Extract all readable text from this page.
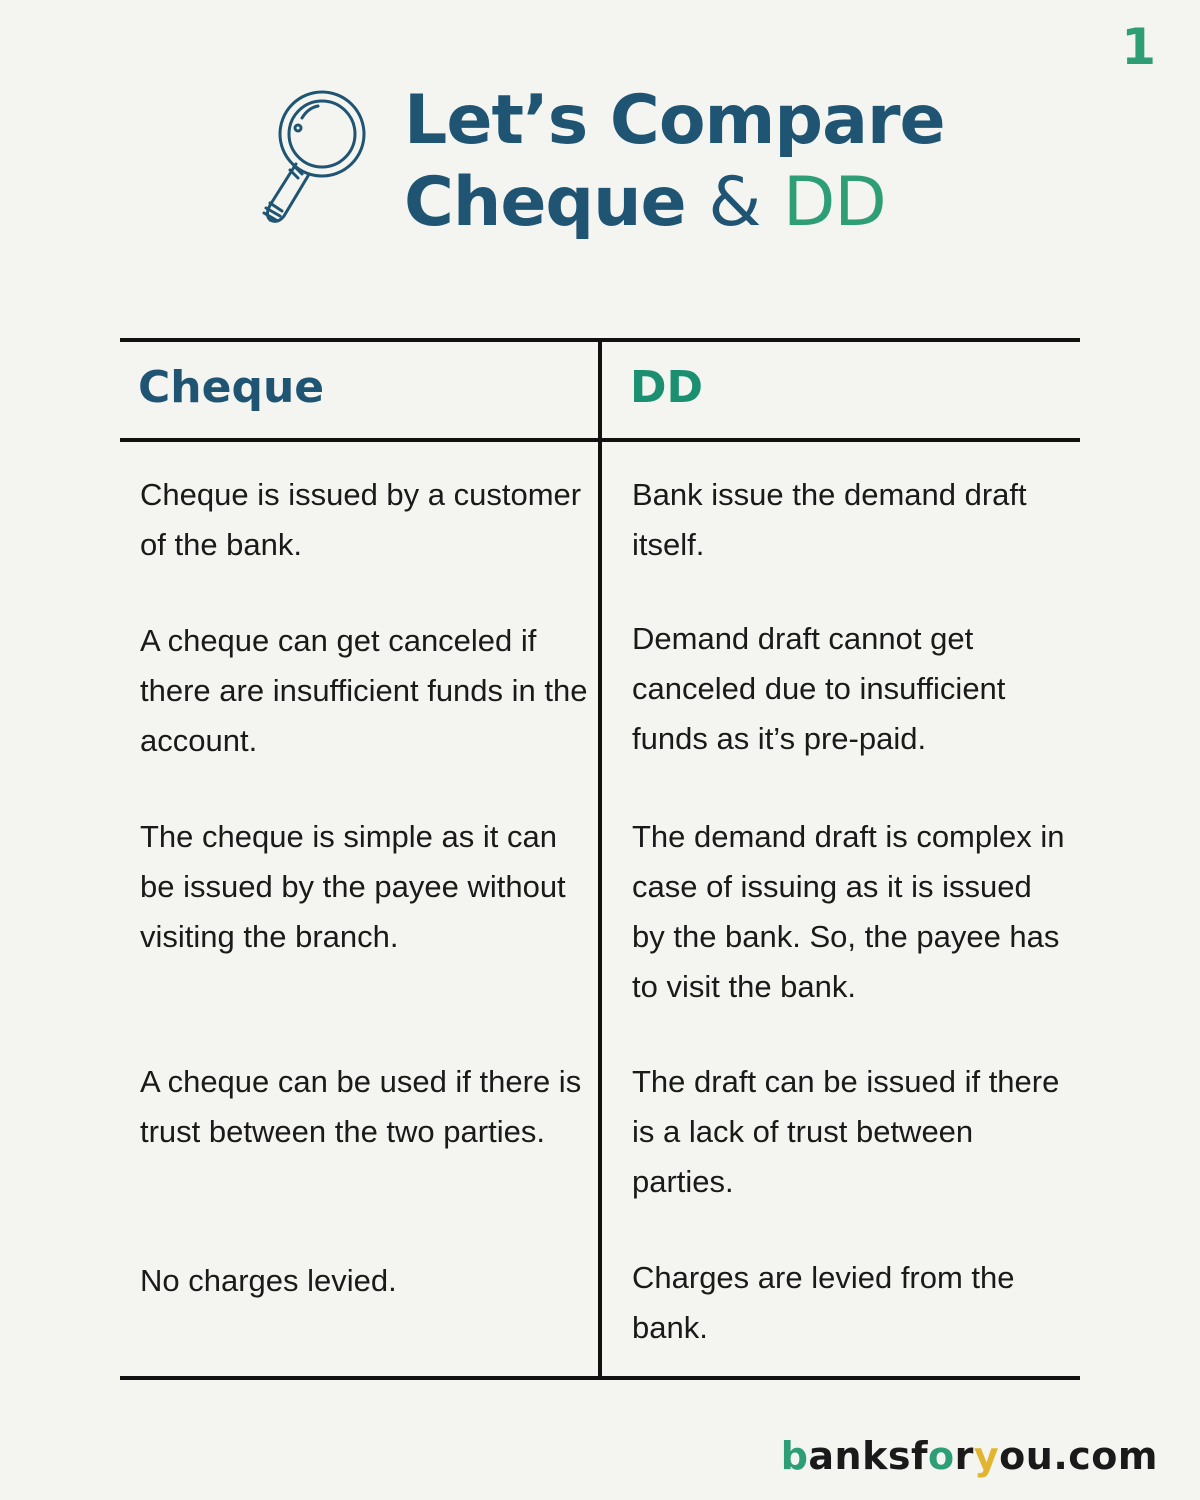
1
Let’s Compare
Cheque & DD
Cheque	DD
Cheque is issued by a customer of the bank.
Bank issue the demand draft itself.
A cheque can get canceled if there are insufficient funds in the account.
Demand draft cannot get canceled due to insufficient funds as it’s pre-paid.
The cheque is simple as it can be issued by the payee without visiting the branch.
The demand draft is complex in case of issuing as it is issued by the bank. So, the payee has to visit the bank.
A cheque can be used if there is trust between the two parties.
The draft can be issued if there is a lack of trust between parties.
No charges levied.	Charges are levied from the bank.
banksforyou.com
